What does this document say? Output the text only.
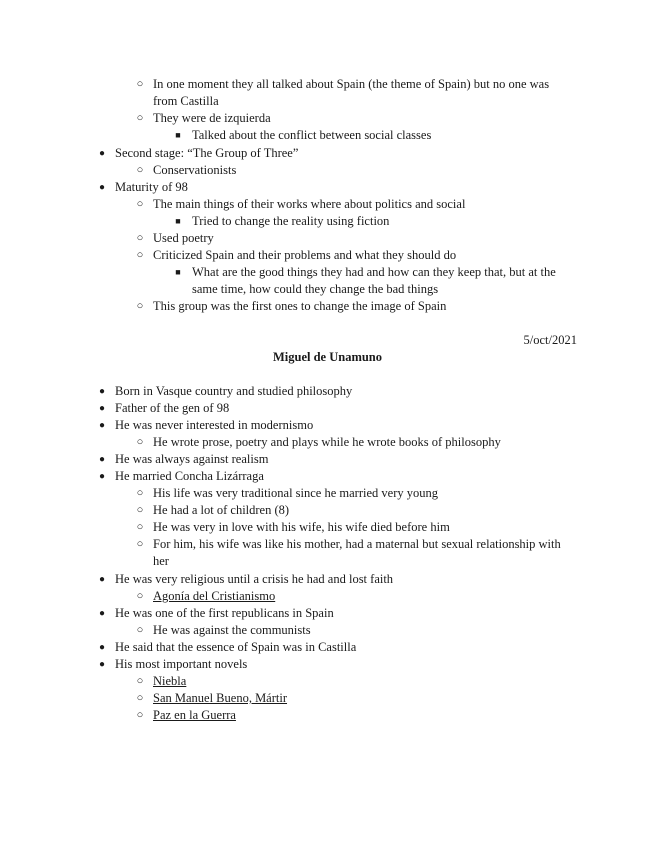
○ In one moment they all talked about Spain (the theme of Spain) but no one was
from Castilla
○ They were de izquierda
■ Talked about the conflict between social classes
● Second stage: “The Group of Three”
○ Conservationists
● Maturity of 98
○ The main things of their works where about politics and social
■ Tried to change the reality using fiction
○ Used poetry
○ Criticized Spain and their problems and what they should do
■ What are the good things they had and how can they keep that, but at the
same time, how could they change the bad things
○ This group was the first ones to change the image of Spain
5/oct/2021
Miguel de Unamuno
● Born in Vasque country and studied philosophy
● Father of the gen of 98
● He was never interested in modernismo
○ He wrote prose, poetry and plays while he wrote books of philosophy
● He was always against realism
● He married Concha Lizárraga
○ His life was very traditional since he married very young
○ He had a lot of children (8)
○ He was very in love with his wife, his wife died before him
○ For him, his wife was like his mother, had a maternal but sexual relationship with
her
● He was very religious until a crisis he had and lost faith
○ Agonía del Cristianismo
● He was one of the first republicans in Spain
○ He was against the communists
● He said that the essence of Spain was in Castilla
● His most important novels
○ Niebla
○ San Manuel Bueno, Mártir
○ Paz en la Guerra
